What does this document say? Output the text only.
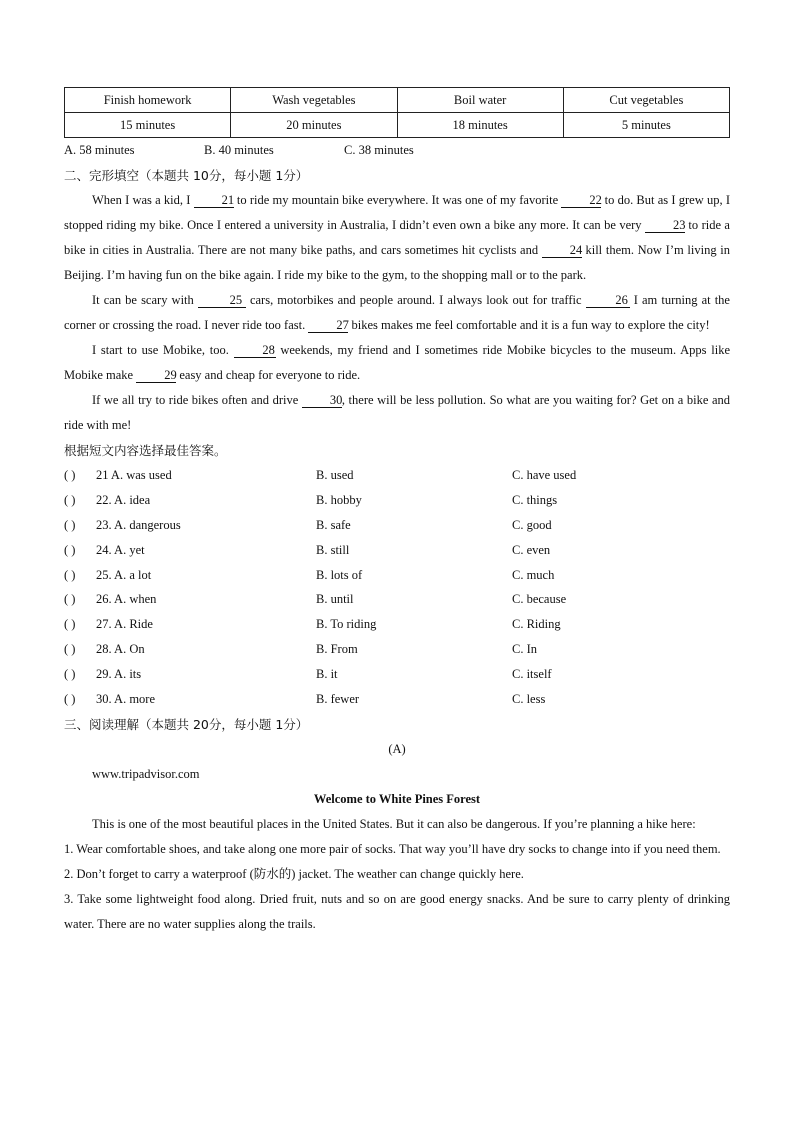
Finish homework	Wash vegetables	Boil water	Cut vegetables
15 minutes	20 minutes	18 minutes	5 minutes
A. 58 minutes	B. 40 minutes	C. 38 minutes
二、完形填空（本题共 10分，每小题 1分）

When I was a kid, I 21 to ride my mountain bike everywhere. It was one of my favorite 22 to do. But as I grew up, I stopped riding my bike. Once I entered a university in Australia, I didn’t even own a bike any more. It can be very 23 to ride a bike in cities in Australia. There are not many bike paths, and cars sometimes hit cyclists and 24 kill them. Now I’m living in Beijing. I’m having fun on the bike again. I ride my bike to the gym, to the shopping mall or to the park.

It can be scary with	25 cars, motorbikes and people around. I always look out for traffic 26 I am turning at the corner or crossing the road. I never ride too fast. 27 bikes makes me feel comfortable and it is a fun way to explore the city!

I start to use Mobike, too. 28 weekends, my friend and I sometimes ride Mobike bicycles to the museum. Apps like Mobike make 29 easy and cheap for everyone to ride.

If we all try to ride bikes often and drive 30, there will be less pollution. So what are you waiting for? Get on a bike and ride with me!

根据短文内容选择最佳答案。
( ) 21 A. was used	B. used	C. have used
( ) 22. A. idea	B. hobby	C. things
( ) 23. A. dangerous	B. safe	C. good
( ) 24. A. yet	B. still	C. even
( ) 25. A. a lot	B. lots of	C. much
( ) 26. A. when	B. until	C. because
( ) 27. A. Ride	B. To riding	C. Riding
( ) 28. A. On	B. From	C. In
( ) 29. A. its	B. it	C. itself
( ) 30. A. more	B. fewer	C. less
三、阅读理解（本题共 20分，每小题 1分）
(A)
www.tripadvisor.com
Welcome to White Pines Forest

This is one of the most beautiful places in the United States. But it can also be dangerous. If you’re planning a hike here:

1. Wear comfortable shoes, and take along one more pair of socks. That way you’ll have dry socks to change into if you need them.

2. Don’t forget to carry a waterproof (防水的) jacket. The weather can change quickly here.

3. Take some lightweight food along. Dried fruit, nuts and so on are good energy snacks. And be sure to carry plenty of drinking water. There are no water supplies along the trails.
